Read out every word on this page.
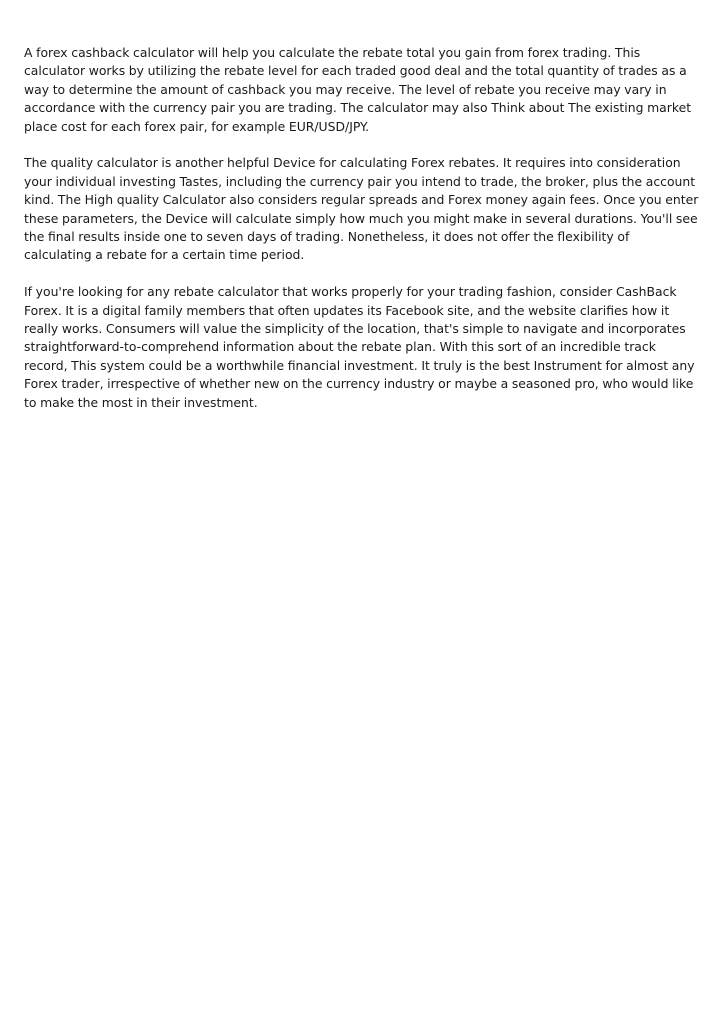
A forex cashback calculator will help you calculate the rebate total you gain from forex trading. This calculator works by utilizing the rebate level for each traded good deal and the total quantity of trades as a way to determine the amount of cashback you may receive. The level of rebate you receive may vary in accordance with the currency pair you are trading. The calculator may also Think about The existing market place cost for each forex pair, for example EUR/USD/JPY.

The quality calculator is another helpful Device for calculating Forex rebates. It requires into consideration your individual investing Tastes, including the currency pair you intend to trade, the broker, plus the account kind. The High quality Calculator also considers regular spreads and Forex money again fees. Once you enter these parameters, the Device will calculate simply how much you might make in several durations. You'll see the final results inside one to seven days of trading. Nonetheless, it does not offer the flexibility of calculating a rebate for a certain time period.

If you're looking for any rebate calculator that works properly for your trading fashion, consider CashBack Forex. It is a digital family members that often updates its Facebook site, and the website clarifies how it really works. Consumers will value the simplicity of the location, that's simple to navigate and incorporates straightforward-to-comprehend information about the rebate plan. With this sort of an incredible track record, This system could be a worthwhile financial investment. It truly is the best Instrument for almost any Forex trader, irrespective of whether new on the currency industry or maybe a seasoned pro, who would like to make the most in their investment.
